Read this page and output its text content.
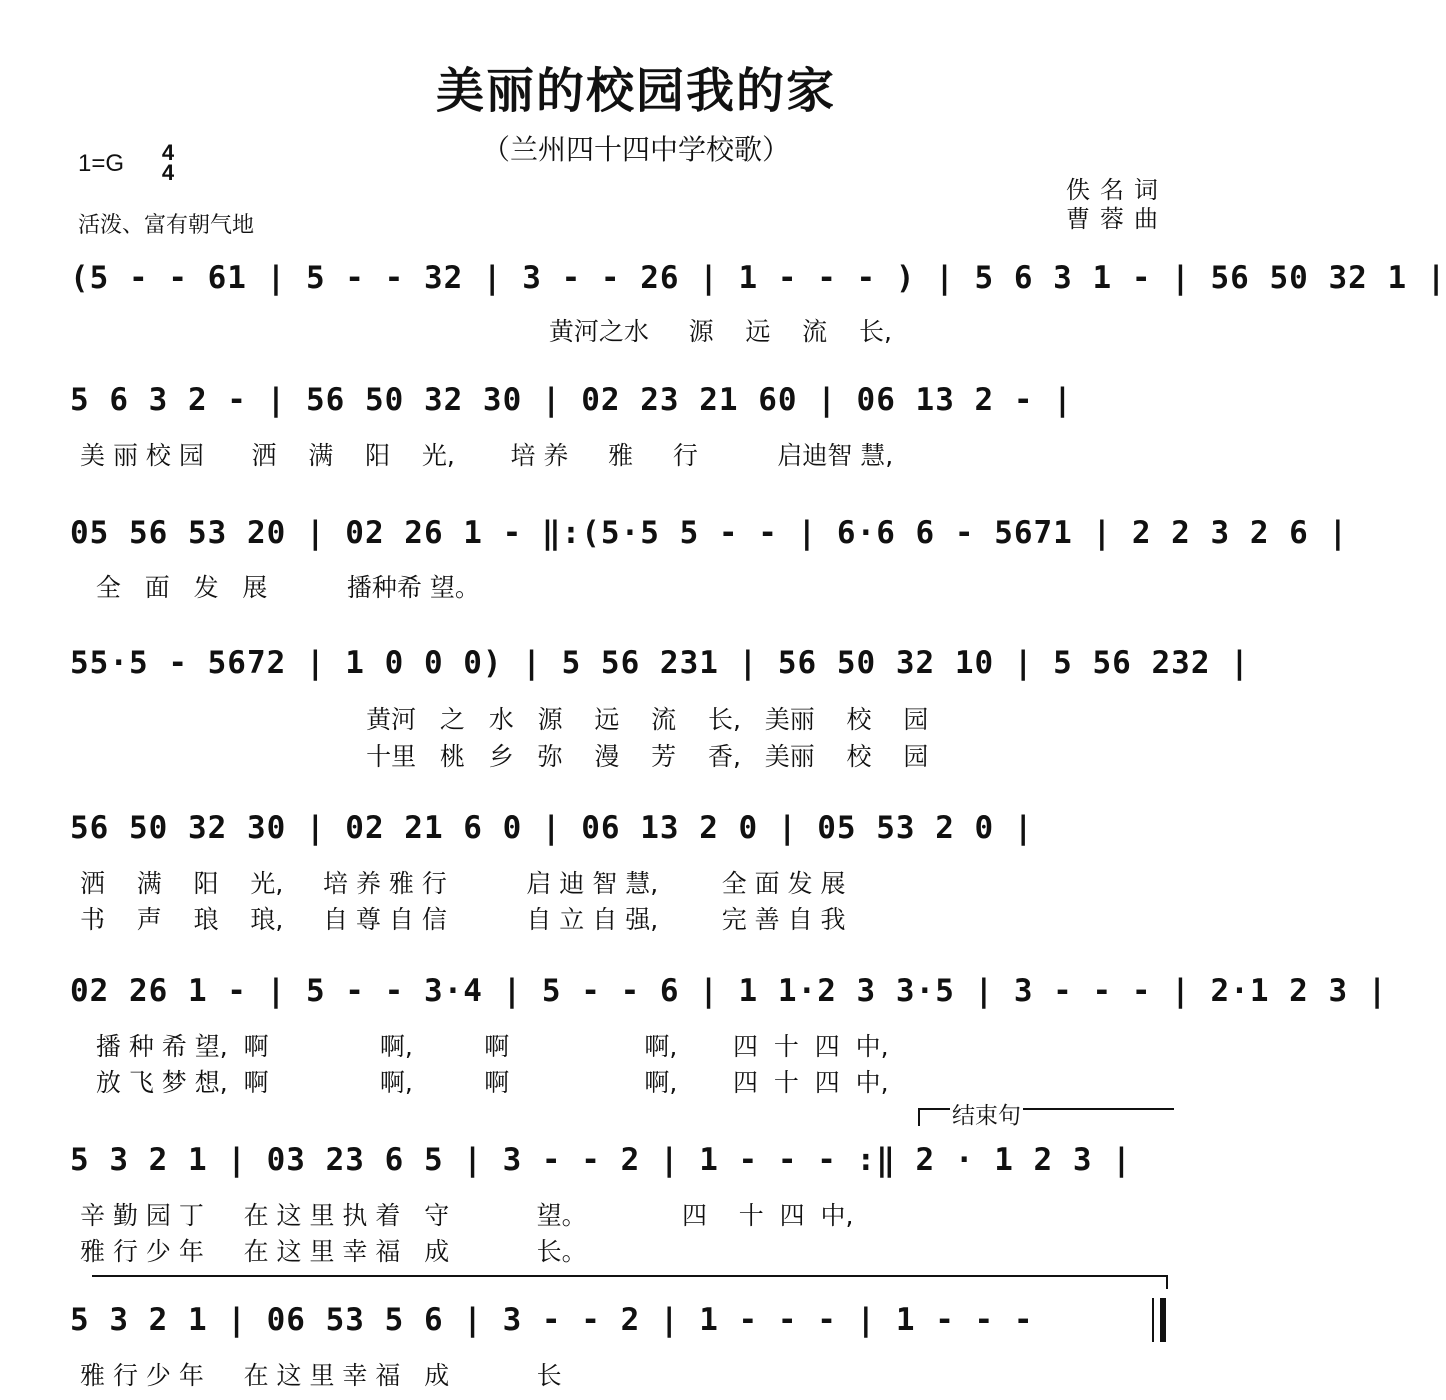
美丽的校园我的家
（兰州四十四中学校歌）
1=G 4
4
活泼、富有朝气地
佚名词
曹蓉曲
(5 - - 61 | 5 - - 32 | 3 - - 26 | 1 - - - ) | 5 6 3 1 - | 56 50 32 1 |
黄河之水     源    远    流    长,
5 6 3 2 - | 56 50 32 30 | 02 23 21 60 | 06 13 2 - |
美 丽 校 园      洒    满    阳    光,       培 养     雅     行          启迪智 慧,
05 56 53 20 | 02 26 1 - ‖:(5·5 5 - - | 6·6 6 - 5671 | 2 2 3 2 6 |
全   面   发   展          播种希 望。
55·5 - 5672 | 1 0 0 0) | 5 56 231 | 56 50 32 10 | 5 56 232 |
黄河   之   水   源    远    流    长,   美丽    校    园
十里   桃   乡   弥    漫    芳    香,   美丽    校    园
56 50 32 30 | 02 21 6 0 | 06 13 2 0 | 05 53 2 0 |
洒    满    阳    光,     培 养 雅 行          启 迪 智 慧,        全 面 发 展
书    声    琅    琅,     自 尊 自 信          自 立 自 强,        完 善 自 我
02 26 1 - | 5 - - 3·4 | 5 - - 6 | 1 1·2 3 3·5 | 3 - - - | 2·1 2 3 |
播 种 希 望,  啊              啊,         啊                 啊,       四  十  四  中,
放 飞 梦 想,  啊              啊,         啊                 啊,       四  十  四  中,
结束句
5 3 2 1 | 03 23 6 5 | 3 - - 2 | 1 - - - :‖ 2 · 1 2 3 |
辛 勤 园 丁     在 这 里 执 着   守           望。            四    十  四  中,
雅 行 少 年     在 这 里 幸 福   成           长。
5 3 2 1 | 06 53 5 6 | 3 - - 2 | 1 - - - | 1 - - -
雅 行 少 年     在 这 里 幸 福   成           长
